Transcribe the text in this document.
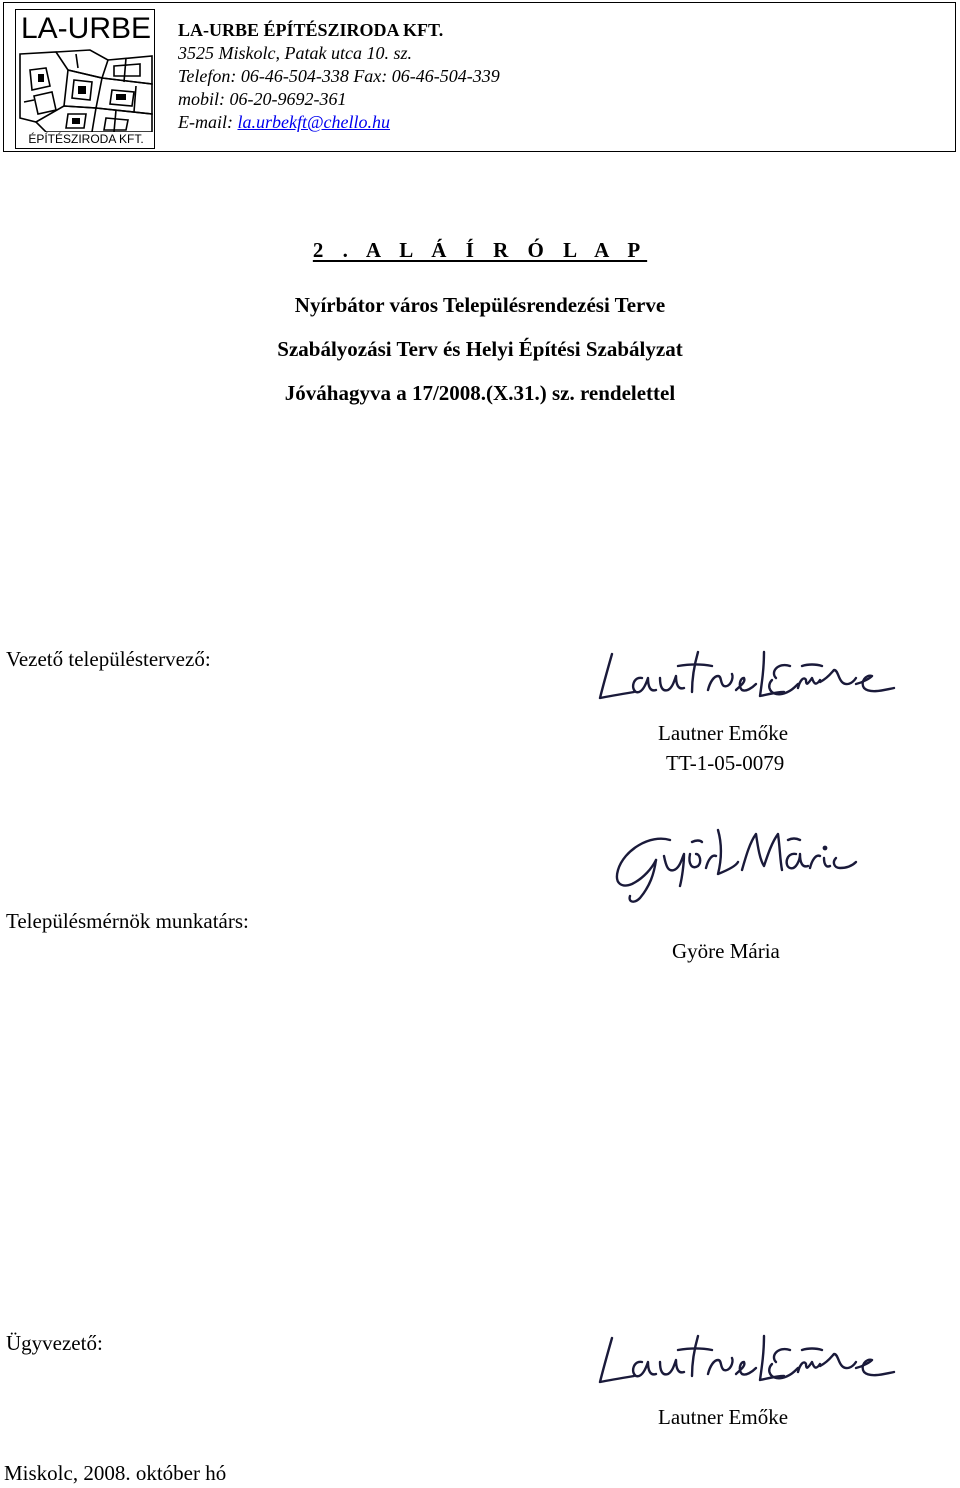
LA-URBE
ÉPÍTÉSZIRODA KFT.
LA-URBE ÉPÍTÉSZIRODA KFT.
3525 Miskolc, Patak utca 10. sz.
Telefon: 06-46-504-338 Fax: 06-46-504-339
mobil: 06-20-9692-361
E-mail: la.urbekft@chello.hu
2 . A L Á Í R Ó L A P
Nyírbátor város Településrendezési Terve
Szabályozási Terv és Helyi Építési Szabályzat
Jóváhagyva a 17/2008.(X.31.) sz. rendelettel
Vezető településtervező:
Lautner Emőke
TT-1-05-0079
Településmérnök munkatárs:
Györe Mária
Ügyvezető:
Lautner Emőke
Miskolc, 2008. október hó
